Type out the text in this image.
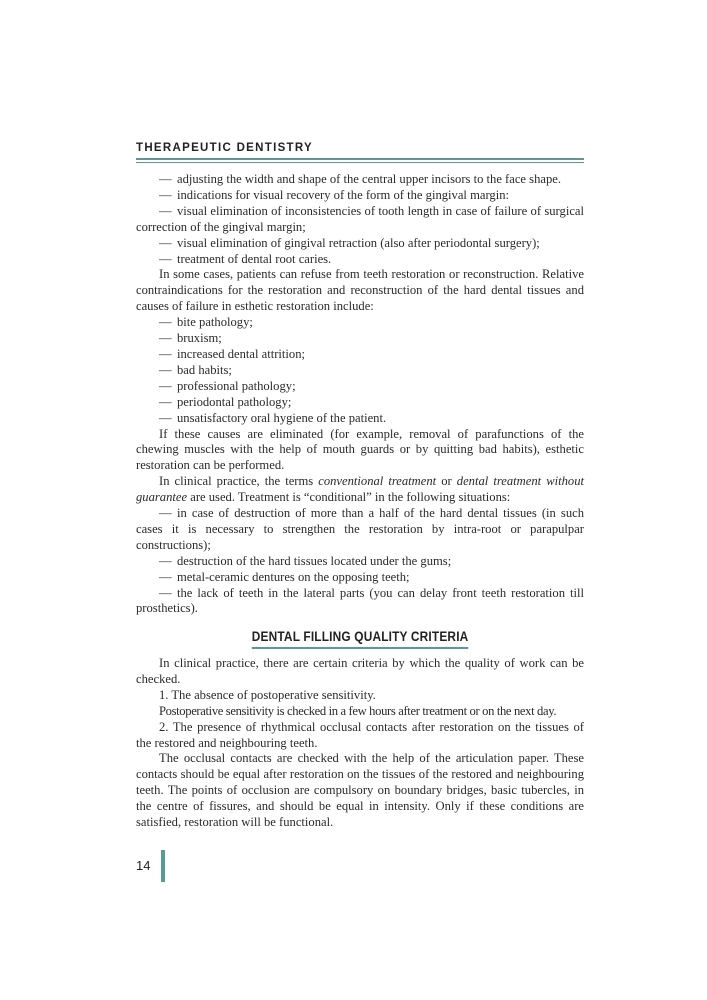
THERAPEUTIC DENTISTRY

— adjusting the width and shape of the central upper incisors to the face shape.

— indications for visual recovery of the form of the gingival margin:

— visual elimination of inconsistencies of tooth length in case of failure of surgical correction of the gingival margin;

— visual elimination of gingival retraction (also after periodontal surgery);

— treatment of dental root caries.

In some cases, patients can refuse from teeth restoration or reconstruction. Relative contraindications for the restoration and reconstruction of the hard dental tissues and causes of failure in esthetic restoration include:

— bite pathology;

— bruxism;

— increased dental attrition;

— bad habits;

— professional pathology;

— periodontal pathology;

— unsatisfactory oral hygiene of the patient.

If these causes are eliminated (for example, removal of parafunctions of the chewing muscles with the help of mouth guards or by quitting bad habits), esthetic restoration can be performed.

In clinical practice, the terms conventional treatment or dental treatment without guarantee are used. Treatment is “conditional” in the following situations:

— in case of destruction of more than a half of the hard dental tissues (in such cases it is necessary to strengthen the restoration by intra-root or parapulpar constructions);

— destruction of the hard tissues located under the gums;

— metal-ceramic dentures on the opposing teeth;

— the lack of teeth in the lateral parts (you can delay front teeth restoration till prosthetics).

DENTAL FILLING QUALITY CRITERIA

In clinical practice, there are certain criteria by which the quality of work can be checked.

1. The absence of postoperative sensitivity.

Postoperative sensitivity is checked in a few hours after treatment or on the next day.

2. The presence of rhythmical occlusal contacts after restoration on the tissues of the restored and neighbouring teeth.

The occlusal contacts are checked with the help of the articulation paper. These contacts should be equal after restoration on the tissues of the restored and neighbouring teeth. The points of occlusion are compulsory on boundary bridges, basic tubercles, in the centre of fissures, and should be equal in intensity. Only if these conditions are satisfied, restoration will be functional.

14
